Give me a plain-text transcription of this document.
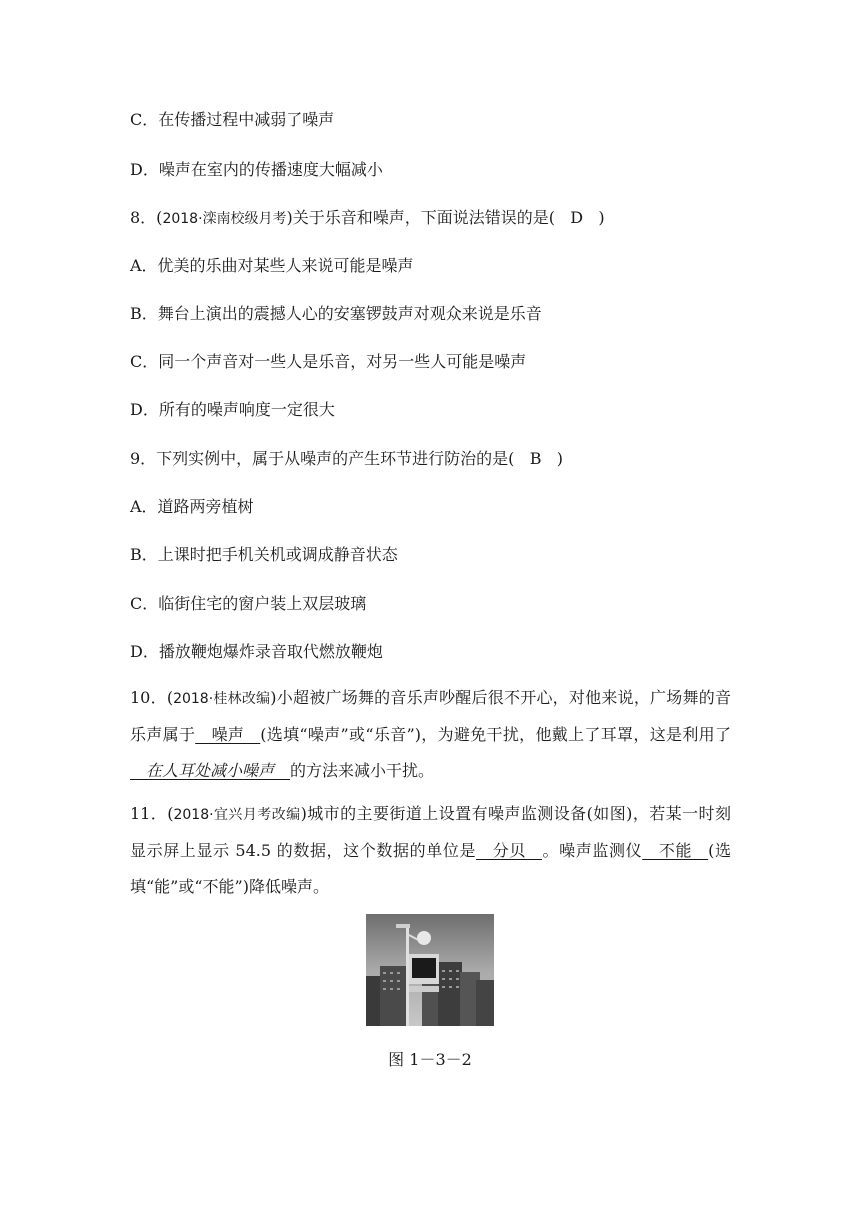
C．在传播过程中减弱了噪声
D．噪声在室内的传播速度大幅减小
8．(2018·滦南校级月考)关于乐音和噪声，下面说法错误的是( D )
A．优美的乐曲对某些人来说可能是噪声
B．舞台上演出的震撼人心的安塞锣鼓声对观众来说是乐音
C．同一个声音对一些人是乐音，对另一些人可能是噪声
D．所有的噪声响度一定很大
9．下列实例中，属于从噪声的产生环节进行防治的是( B )
A．道路两旁植树
B．上课时把手机关机或调成静音状态
C．临街住宅的窗户装上双层玻璃
D．播放鞭炮爆炸录音取代燃放鞭炮
10．(2018·桂林改编)小超被广场舞的音乐声吵醒后很不开心，对他来说，广场舞的音乐声属于__噪声__(选填“噪声”或“乐音”)，为避免干扰，他戴上了耳罩，这是利用了__在人耳处减小噪声__的方法来减小干扰。
11．(2018·宜兴月考改编)城市的主要街道上设置有噪声监测设备(如图)，若某一时刻显示屏上显示 54.5 的数据，这个数据的单位是__分贝__。噪声监测仪__不能__(选填“能”或“不能”)降低噪声。
图 1－3－2
